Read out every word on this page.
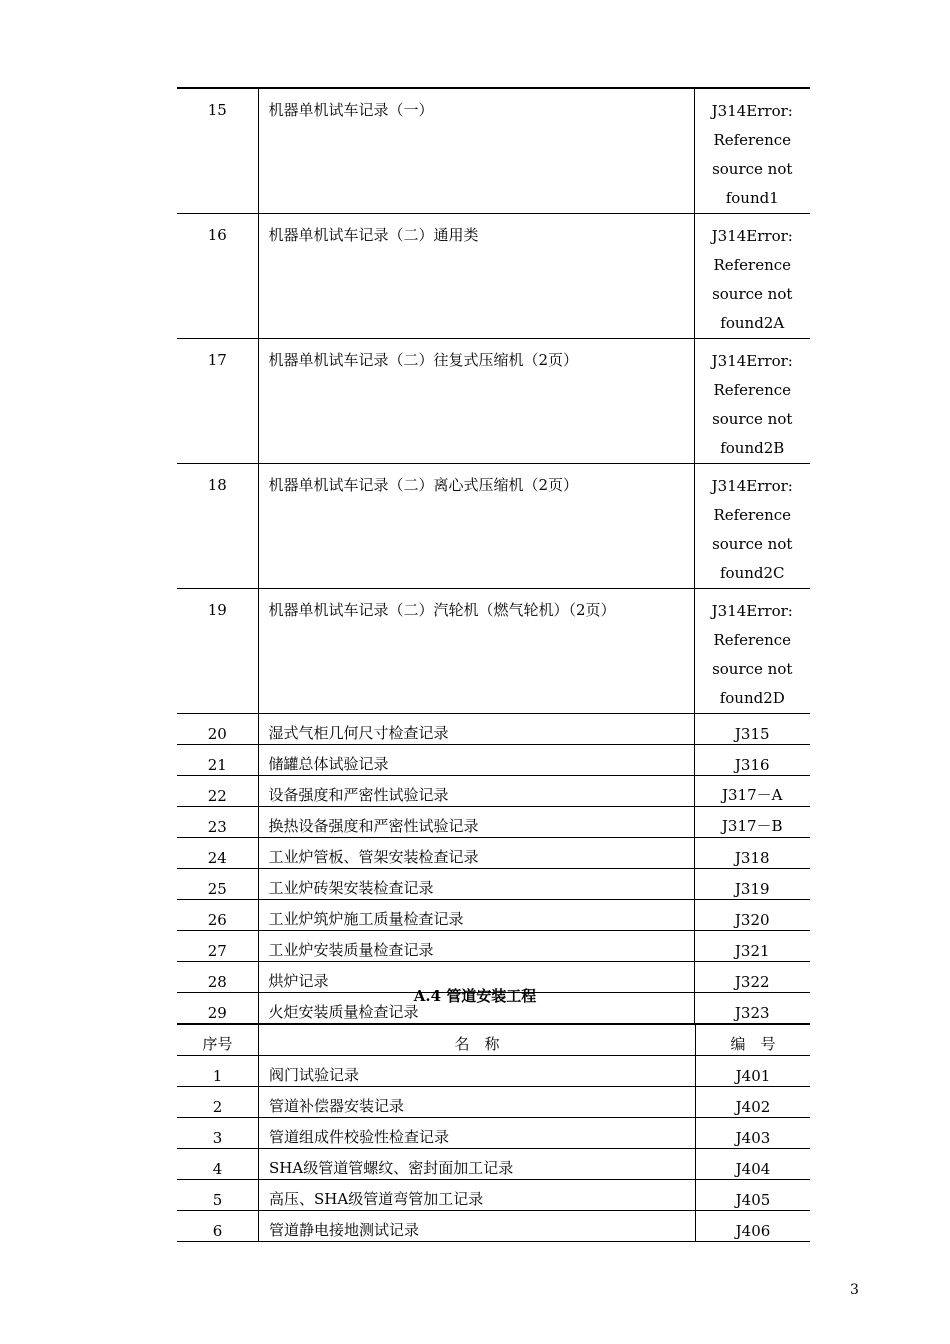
15	机器单机试车记录（一）	J314Error:
Reference
source not
found1

16	机器单机试车记录（二）通用类	J314Error:
Reference
source not
found2A

17	机器单机试车记录（二）往复式压缩机（2页）	J314Error:
Reference
source not
found2B

18	机器单机试车记录（二）离心式压缩机（2页）	J314Error:
Reference
source not
found2C

19	机器单机试车记录（二）汽轮机（燃气轮机）（2页）	J314Error:
Reference
source not
found2D

20	湿式气柜几何尺寸检查记录	J315
21	储罐总体试验记录	J316
22	设备强度和严密性试验记录	J317－A
23	换热设备强度和严密性试验记录	J317－B
24	工业炉管板、管架安装检查记录	J318
25	工业炉砖架安装检查记录	J319
26	工业炉筑炉施工质量检查记录	J320
27	工业炉安装质量检查记录	J321
28	烘炉记录	J322
29	火炬安装质量检查记录	J323
A.4 管道安装工程
序号	名　称	编　号
1	阀门试验记录	J401
2	管道补偿器安装记录	J402
3	管道组成件校验性检查记录	J403
4	SHA级管道管螺纹、密封面加工记录	J404
5	高压、SHA级管道弯管加工记录	J405
6	管道静电接地测试记录	J406
3
